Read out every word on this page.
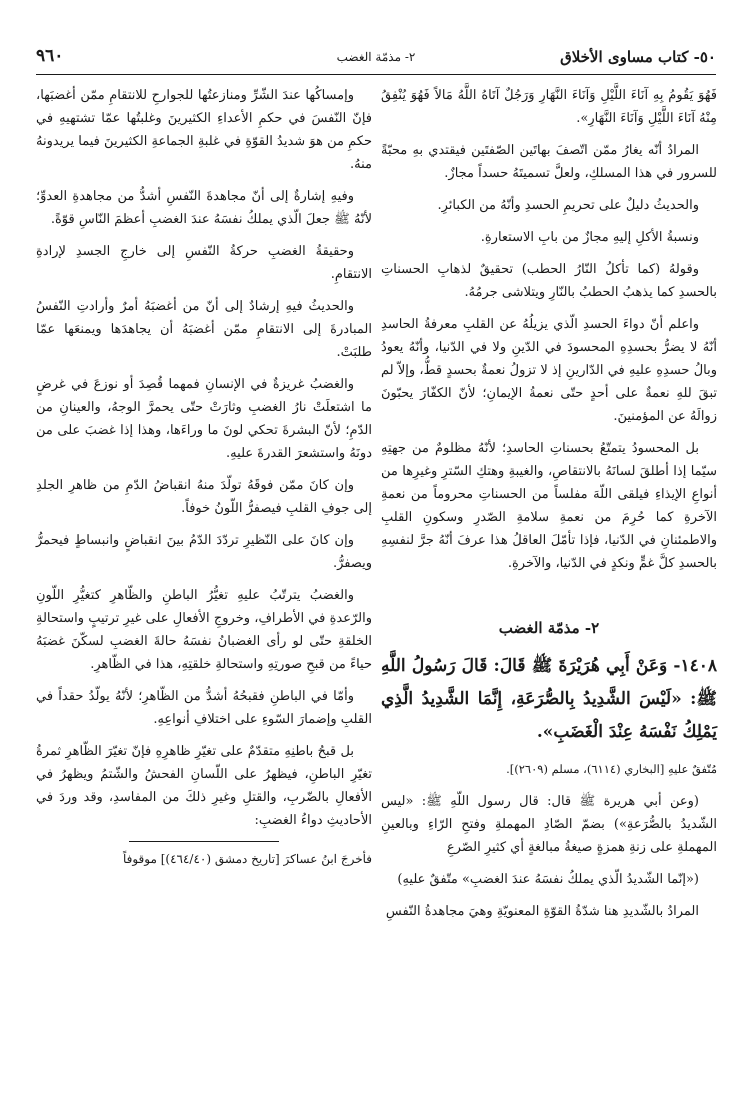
٥٠- كتاب مساوى الأخلاق
٢- مذمّة الغضب
٩٦٠

فَهُوَ يَقُومُ بِهِ آنَاءَ اللَّيْلِ وَآنَاءَ النَّهَارِ وَرَجُلٌ آتَاهُ اللَّهُ مَالاً فَهُوَ يُنْفِقُ مِنْهُ آنَاءَ اللَّيْلِ وَآنَاءَ النَّهَارِ».

المرادُ أنّه يغارُ ممّن اتّصفَ بهاتَين الصّفتَين فيقتدي بهِ محبّةً للسرور في هذا المسلكِ، ولعلَّ تسميتَهُ حسداً مجازٌ.

والحديثُ دليلٌ على تحريمِ الحسدِ وأنّهُ من الكبائرِ.

ونسبةُ الأكلِ إليهِ مجازٌ من بابِ الاستعارةِ.

وقولهُ (كما تأكلُ النّارُ الحطب) تحقيقٌ لذهابِ الحسناتِ بالحسدِ كما يذهبُ الحطبُ بالنّارِ ويتلاشى جرمُهُ.

واعلم أنّ دواءَ الحسدِ الّذي يزيلُهُ عن القلبِ معرفةُ الحاسدِ أنّهُ لا يضرُّ بحسدِهِ المحسودَ في الدّينِ ولا في الدّنيا، وأنّهُ يعودُ وبالُ حسدِهِ عليهِ في الدّارينِ إذ لا تزولُ نعمةٌ بحسدٍ قطُّ، وإلاّ لم تبقَ للهِ نعمةٌ على أحدٍ حتّى نعمةُ الإيمانِ؛ لأنّ الكفّارَ يحبّونَ زوالَهُ عن المؤمنينَ.

بل المحسودُ يتمتّعُ بحسناتِ الحاسدِ؛ لأنّهُ مظلومٌ من جهتِهِ سيّما إذا أطلقَ لسانَهُ بالانتقاصِ، والغيبةِ وهتكِ السّترِ وغيرِها من أنواعِ الإيذاءِ فيلقى اللّهَ مفلساً من الحسناتِ محروماً من نعمةِ الآخرةِ كما حُرِمَ من نعمةِ سلامةِ الصّدرِ وسكونِ القلبِ والاطمئنانِ في الدّنيا، فإذا تأمّلَ العاقلُ هذا عرفَ أنّهُ جرَّ لنفسِهِ بالحسدِ كلَّ غمٍّ ونكدٍ في الدّنيا، والآخرةِ.

٢- مذمّة الغضب

١٤٠٨- وَعَنْ أَبِي هُرَيْرَةَ ﷺ قَالَ: قَالَ رَسُولُ اللَّهِ ﷺ: «لَيْسَ الشَّدِيدُ بِالصُّرَعَةِ، إِنَّمَا الشَّدِيدُ الَّذِي يَمْلِكُ نَفْسَهُ عِنْدَ الْغَضَبِ».

مُتّفقٌ عليهِ [البخاري (٦١١٤)، مسلم (٢٦٠٩)].

(وعن أبي هريرة ﷺ قال: قال رسول اللّهِ ﷺ: «ليس الشّديدُ بالصُّرَعةِ») بضمّ الصّادِ المهملةِ وفتحِ الرّاءِ وبالعينِ المهملةِ على زنةِ همزةٍ صيغةُ مبالغةٍ أي كثيرِ الصّرعِ

(«إنّما الشّديدُ الّذي يملكُ نفسَهُ عندَ الغضبِ» متّفقٌ عليهِ)

المرادُ بالشّديدِ هنا شدّةُ القوّةِ المعنويّةِ وهيَ مجاهدةُ النّفسِ

وإمساكُها عندَ الشّرِّ ومنازعتُها للجوارحِ للانتقامِ ممّن أغضبَها، فإنّ النّفسَ في حكمِ الأعداءِ الكثيرينَ وغلبتُها عمّا تشتهيهِ في حكمِ من هوَ شديدُ القوّةِ في غلبةِ الجماعةِ الكثيرينَ فيما يريدونهُ منهُ.

وفيهِ إشارةٌ إلى أنّ مجاهدةَ النّفسِ أشدُّ من مجاهدةِ العدوِّ؛ لأنّهُ ﷺ جعلَ الّذي يملكُ نفسَهُ عندَ الغضبِ أعظمَ النّاسِ قوّةً.

وحقيقةُ الغضبِ حركةُ النّفسِ إلى خارجِ الجسدِ لإرادةِ الانتقامِ.

والحديثُ فيهِ إرشادٌ إلى أنّ من أغضبَهُ أمرٌ وأرادتِ النّفسُ المبادرةَ إلى الانتقامِ ممّن أغضبَهُ أن يجاهدَها ويمنعَها عمّا طلبَتْ.

والغضبُ غريزةٌ في الإنسانِ فمهما قُصِدَ أو نوزعَ في غرضٍ ما اشتعلَتْ نارُ الغضبِ وثارَتْ حتّى يحمرَّ الوجهُ، والعينانِ من الدّمِ؛ لأنّ البشرةَ تحكي لونَ ما وراءَها، وهذا إذا غضبَ على من دونَهُ واستشعرَ القدرةَ عليهِ.

وإن كانَ ممّن فوقَهُ تولّدَ منهُ انقباضُ الدّمِ من ظاهرِ الجلدِ إلى جوفِ القلبِ فيصفرُّ اللّونُ خوفاً.

وإن كانَ على النّظيرِ تردّدَ الدّمُ بينَ انقباضٍ وانبساطٍ فيحمرُّ ويصفرُّ.

والغضبُ يترتّبُ عليهِ تغيُّرُ الباطنِ والظّاهرِ كتغيُّرِ اللّونِ والرّعدةِ في الأطرافِ، وخروجِ الأفعالِ على غيرِ ترتيبٍ واستحالةِ الخلقةِ حتّى لو رأى الغضبانُ نفسَهُ حالةَ الغضبِ لسكّنَ غضبَهُ حياءً من قبحِ صورتِهِ واستحالةِ خلقتِهِ، هذا في الظّاهرِ.

وأمّا في الباطنِ فقبحُهُ أشدُّ من الظّاهرِ؛ لأنّهُ يولّدُ حقداً في القلبِ وإضمارَ السّوءِ على اختلافِ أنواعِهِ.

بل قبحُ باطنِهِ متقدّمٌ على تغيّرِ ظاهرِهِ فإنّ تغيّرَ الظّاهرِ ثمرةُ تغيّرِ الباطنِ، فيظهرُ على اللّسانِ الفحشُ والشّتمُ ويظهرُ في الأفعالِ بالضّربِ، والقتلِ وغيرِ ذلكَ من المفاسدِ، وقد وردَ في الأحاديثِ دواءُ الغضبِ:

فأخرجَ ابنُ عساكرَ [تاريخ دمشق (٤٦٤/٤٠)] موقوفاً
